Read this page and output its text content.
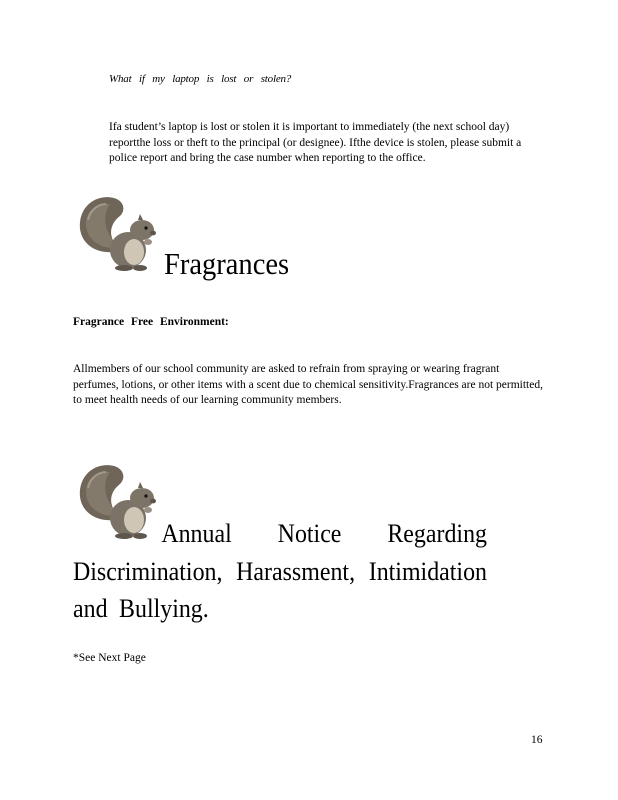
What if my laptop is lost or stolen?
Ifa student’s laptop is lost or stolen it is important to immediately (the next school day) reportthe loss or theft to the principal (or designee). Ifthe device is stolen, please submit a police report and bring the case number when reporting to the office.
Fragrances
Fragrance Free Environment:
Allmembers of our school community are asked to refrain from spraying or wearing fragrant perfumes, lotions, or other items with a scent due to chemical sensitivity.Fragrances are not permitted, to meet health needs of our learning community members.
Annual Notice Regarding Discrimination, Harassment, Intimidation and Bullying.
*See Next Page
16
